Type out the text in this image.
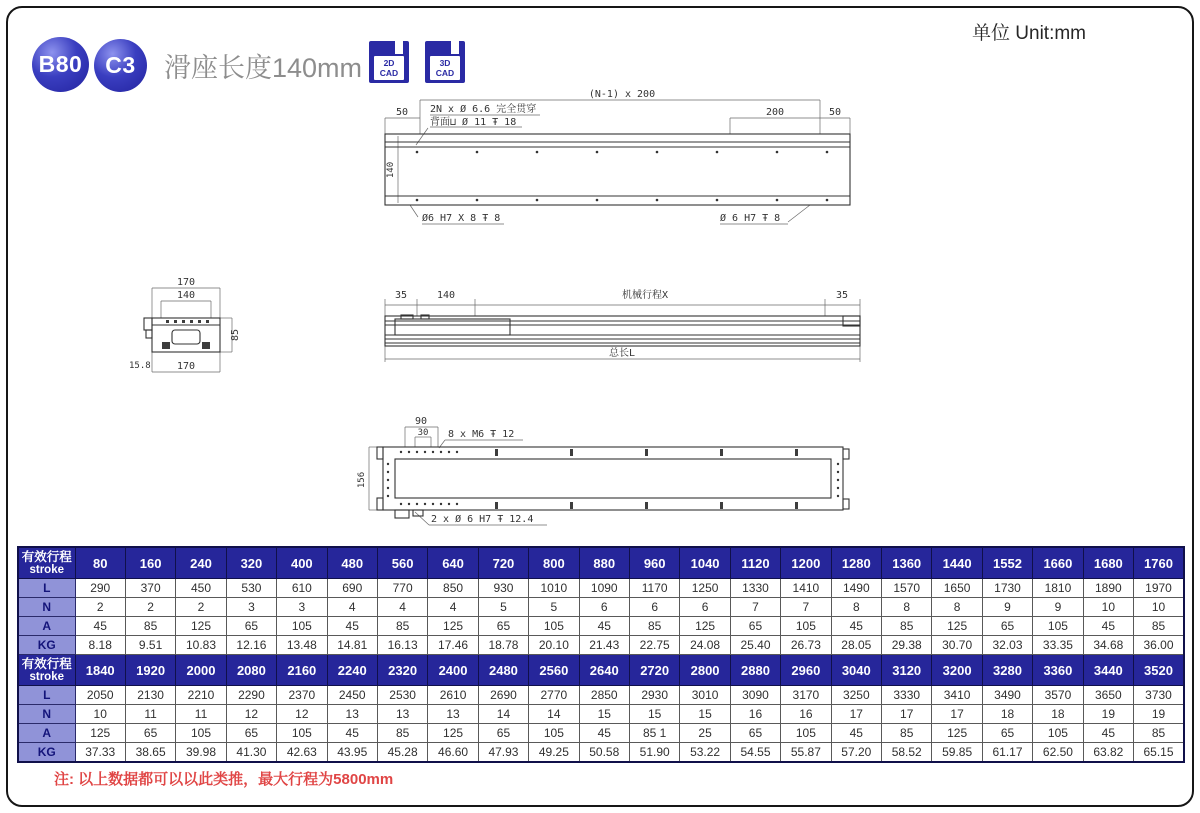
B80 C3	滑座长度140mm
单位 Unit:mm
2D
CAD
3D
CAD
50
(N-1) x 200
200	50
2N x Ø 6.6 完全贯穿
背面⊔ Ø 11 Ŧ 18
140
Ø6 H7 X 8 Ŧ 8	Ø 6 H7 Ŧ 8
170
140
85
15.8	170
35	140	机械行程X	35
总长L
90
30 8 x M6 Ŧ 12
156
2 x Ø 6 H7 Ŧ 12.4
有效行程
stroke	80	160	240	320	400	480	560	640	720	800	880	960	1040	1120	1200	1280	1360	1440	1552	1660	1680	1760
L	290	370	450	530	610	690	770	850	930	1010	1090	1170	1250	1330	1410	1490	1570	1650	1730	1810	1890	1970
N	2	2	2	3	3	4	4	4	5	5	6	6	6	7	7	8	8	8	9	9	10	10
A	45	85	125	65	105	45	85	125	65	105	45	85	125	65	105	45	85	125	65	105	45	85
KG	8.18	9.51	10.83	12.16	13.48	14.81	16.13	17.46	18.78	20.10	21.43	22.75	24.08	25.40	26.73	28.05	29.38	30.70	32.03	33.35	34.68	36.00

有效行程
stroke	1840	1920	2000	2080	2160	2240	2320	2400	2480	2560	2640	2720	2800	2880	2960	3040	3120	3200	3280	3360	3440	3520
L	2050	2130	2210	2290	2370	2450	2530	2610	2690	2770	2850	2930	3010	3090	3170	3250	3330	3410	3490	3570	3650	3730
N	10	11	11	12	12	13	13	13	14	14	15	15	15	16	16	17	17	17	18	18	19	19
A	125	65	105	65	105	45	85	125	65	105	45	85 1	25	65	105	45	85	125	65	105	45	85
KG	37.33	38.65	39.98	41.30	42.63	43.95	45.28	46.60	47.93	49.25	50.58	51.90	53.22	54.55	55.87	57.20	58.52	59.85	61.17	62.50	63.82	65.15
注: 以上数据都可以以此类推，最大行程为5800mm
